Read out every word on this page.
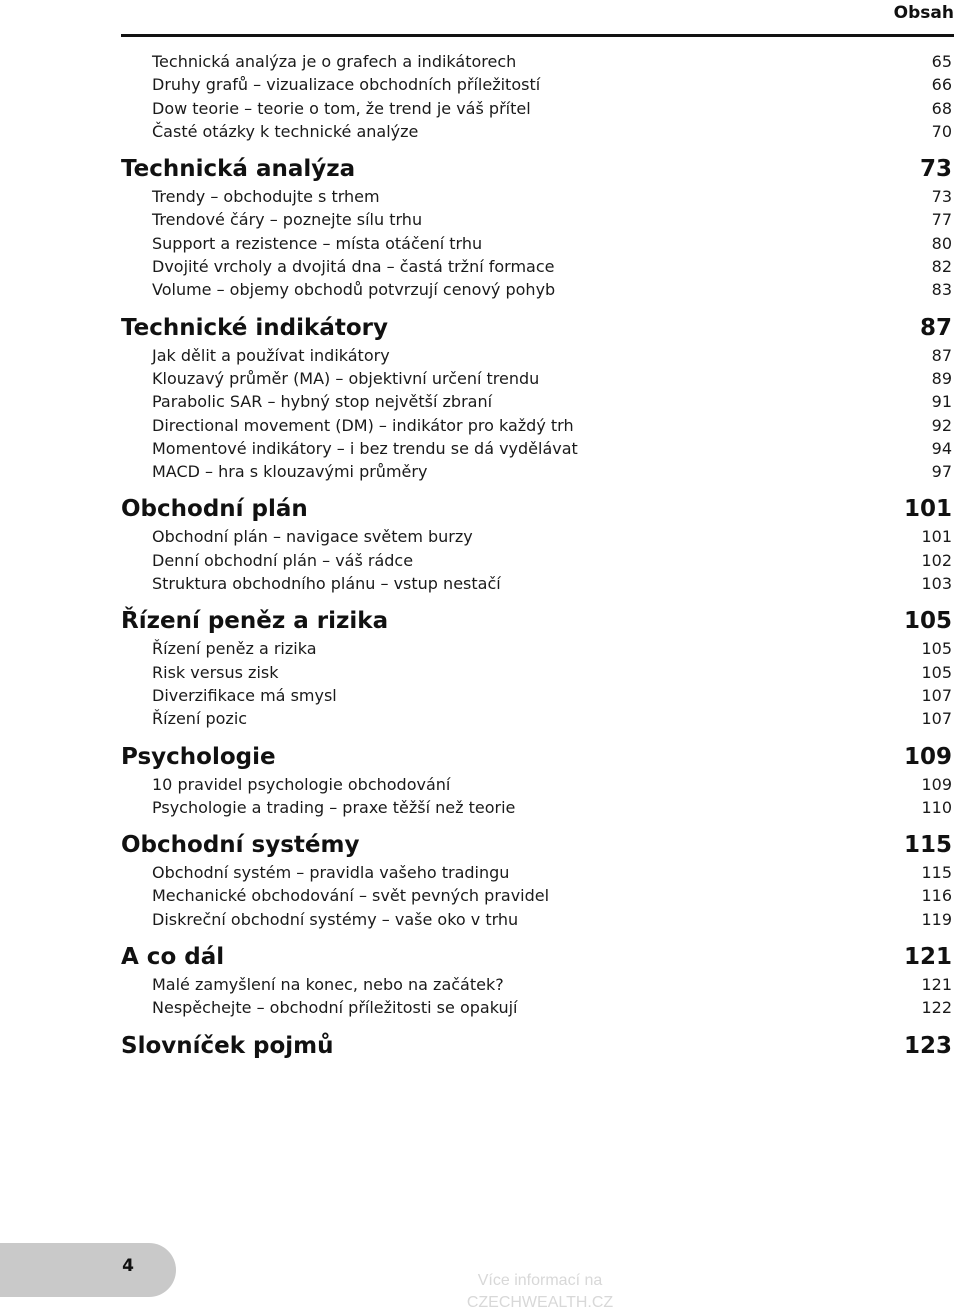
Obsah
Technická analýza je o grafech a indikátorech	65
Druhy grafů – vizualizace obchodních příležitostí	66
Dow teorie – teorie o tom, že trend je váš přítel	68
Časté otázky k technické analýze	70
Technická analýza	73
Trendy – obchodujte s trhem	73
Trendové čáry – poznejte sílu trhu	77
Support a rezistence – místa otáčení trhu	80
Dvojité vrcholy a dvojitá dna – častá tržní formace	82
Volume – objemy obchodů potvrzují cenový pohyb	83
Technické indikátory	87
Jak dělit a používat indikátory	87
Klouzavý průměr (MA) – objektivní určení trendu	89
Parabolic SAR – hybný stop největší zbraní	91
Directional movement (DM) – indikátor pro každý trh	92
Momentové indikátory – i bez trendu se dá vydělávat	94
MACD – hra s klouzavými průměry	97
Obchodní plán	101
Obchodní plán – navigace světem burzy	101
Denní obchodní plán – váš rádce	102
Struktura obchodního plánu – vstup nestačí	103
Řízení peněz a rizika	105
Řízení peněz a rizika	105
Risk versus zisk	105
Diverzifikace má smysl	107
Řízení pozic	107
Psychologie	109
10 pravidel psychologie obchodování	109
Psychologie a trading – praxe těžší než teorie	110
Obchodní systémy	115
Obchodní systém – pravidla vašeho tradingu	115
Mechanické obchodování – svět pevných pravidel	116
Diskreční obchodní systémy – vaše oko v trhu	119
A co dál	121
Malé zamyšlení na konec, nebo na začátek?	121
Nespěchejte – obchodní příležitosti se opakují	122
Slovníček pojmů	123
4
Více informací na
CZECHWEALTH.CZ
